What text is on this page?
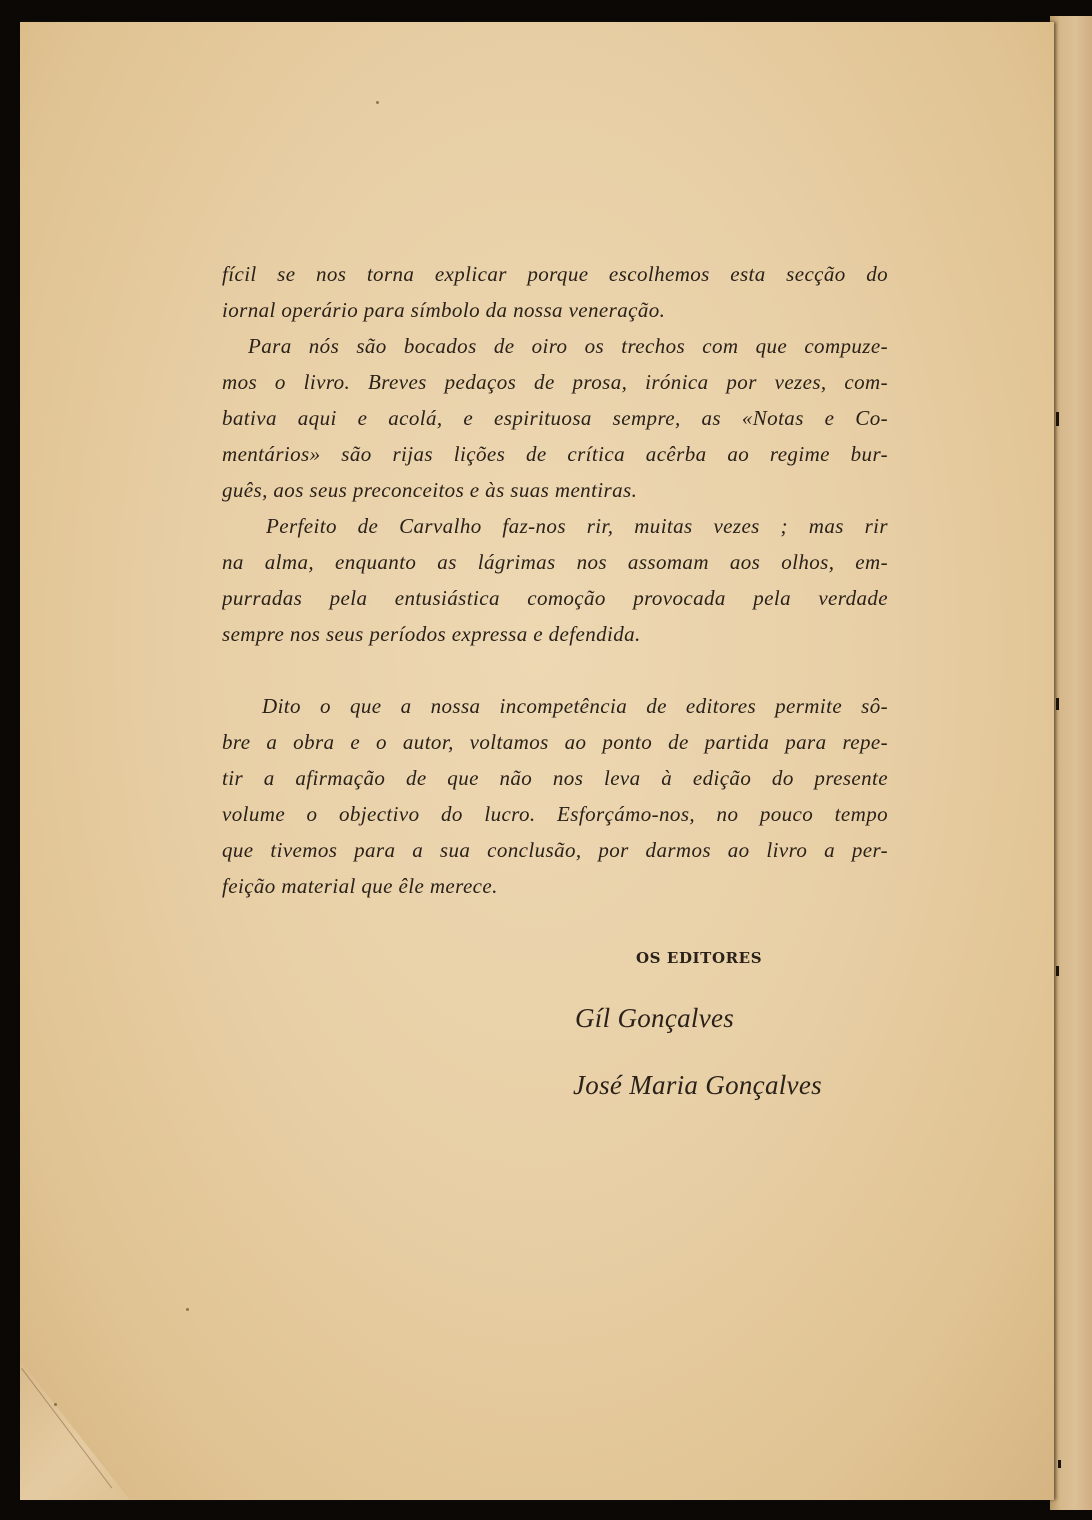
fícil se nos torna explicar porque escolhemos esta secção do
iornal operário para símbolo da nossa veneração.
Para nós são bocados de oiro os trechos com que compuze-
mos o livro. Breves pedaços de prosa, irónica por vezes, com-
bativa aqui e acolá, e espirituosa sempre, as «Notas e Co-
mentários» são rijas lições de crítica acêrba ao regime bur-
guês, aos seus preconceitos e às suas mentiras.
Perfeito de Carvalho faz-nos rir, muitas vezes ; mas rir
na alma, enquanto as lágrimas nos assomam aos olhos, em-
purradas pela entusiástica comoção provocada pela verdade
sempre nos seus períodos expressa e defendida.
Dito o que a nossa incompetência de editores permite sô-
bre a obra e o autor, voltamos ao ponto de partida para repe-
tir a afirmação de que não nos leva à edição do presente
volume o objectivo do lucro. Esforçámo-nos, no pouco tempo
que tivemos para a sua conclusão, por darmos ao livro a per-
feição material que êle merece.
OS EDITORES
Gíl Gonçalves
José Maria Gonçalves
